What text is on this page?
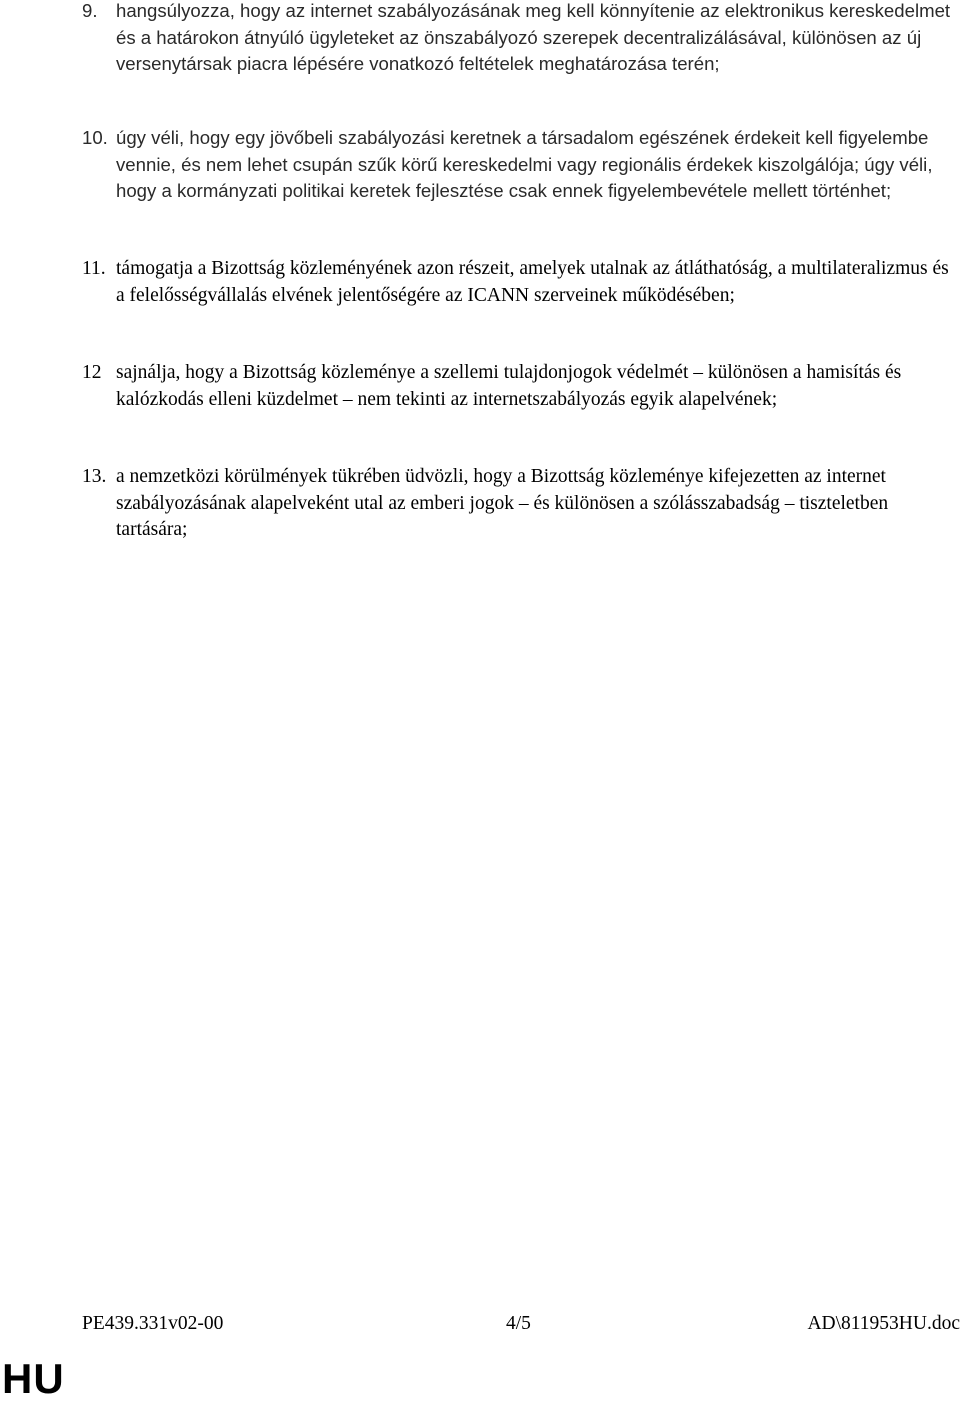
9. hangsúlyozza, hogy az internet szabályozásának meg kell könnyítenie az elektronikus kereskedelmet és a határokon átnyúló ügyleteket az önszabályozó szerepek decentralizálásával, különösen az új versenytársak piacra lépésére vonatkozó feltételek meghatározása terén;
10. úgy véli, hogy egy jövőbeli szabályozási keretnek a társadalom egészének érdekeit kell figyelembe vennie, és nem lehet csupán szűk körű kereskedelmi vagy regionális érdekek kiszolgálója; úgy véli, hogy a kormányzati politikai keretek fejlesztése csak ennek figyelembevétele mellett történhet;
11. támogatja a Bizottság közleményének azon részeit, amelyek utalnak az átláthatóság, a multilateralizmus és a felelősségvállalás elvének jelentőségére az ICANN szerveinek működésében;
12 sajnálja, hogy a Bizottság közleménye a szellemi tulajdonjogok védelmét – különösen a hamisítás és kalózkodás elleni küzdelmet – nem tekinti az internetszabályozás egyik alapelvének;
13. a nemzetközi körülmények tükrében üdvözli, hogy a Bizottság közleménye kifejezetten az internet szabályozásának alapelveként utal az emberi jogok – és különösen a szólásszabadság – tiszteletben tartására;
PE439.331v02-00	4/5	AD\811953HU.doc
HU
